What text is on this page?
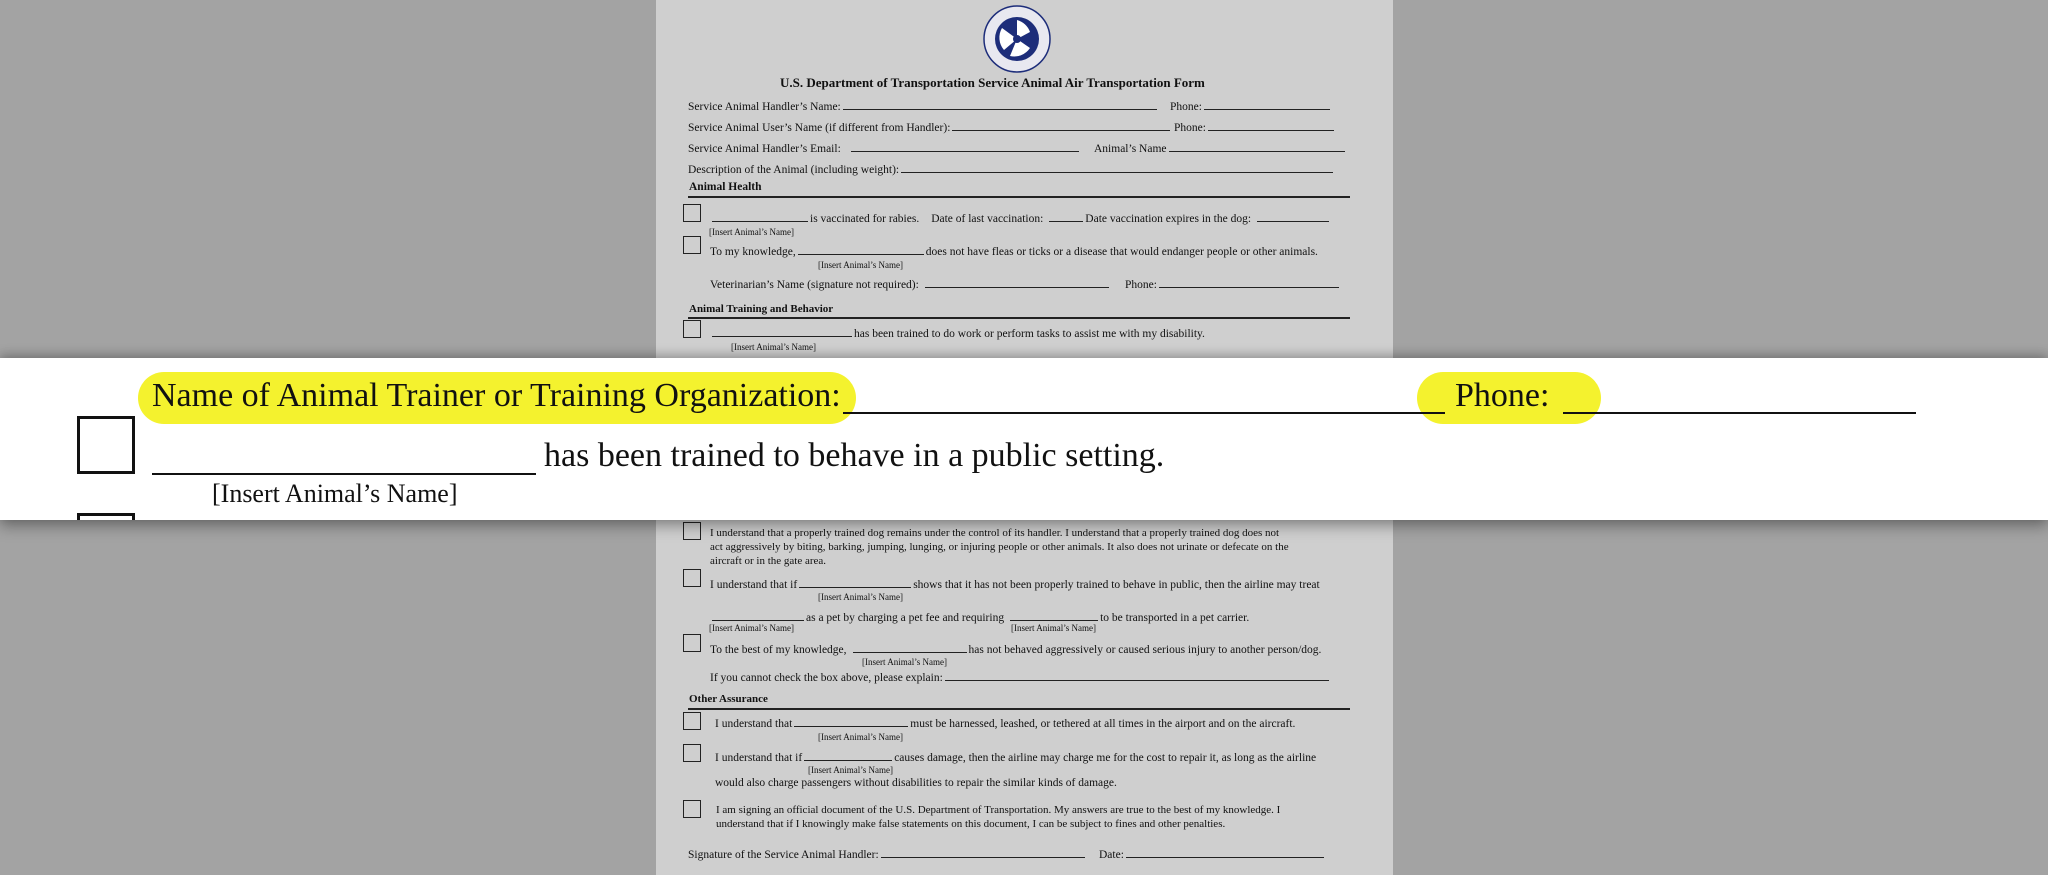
U.S. Department of Transportation Service Animal Air Transportation Form
Service Animal Handler’s Name:	Phone:
Service Animal User’s Name (if different from Handler):	Phone:
Service Animal Handler’s Email:	Animal’s Name
Description of the Animal (including weight):
Animal Health
is vaccinated for rabies. Date of last vaccination:	Date vaccination expires in the dog:
[Insert Animal’s Name]
To my knowledge,	does not have fleas or ticks or a disease that would endanger people or other animals.
[Insert Animal’s Name]
Veterinarian’s Name (signature not required):	Phone:
Animal Training and Behavior
has been trained to do work or perform tasks to assist me with my disability.
[Insert Animal’s Name]
I understand that a properly trained dog remains under the control of its handler. I understand that a properly trained dog does not
act aggressively by biting, barking, jumping, lunging, or injuring people or other animals. It also does not urinate or defecate on the
aircraft or in the gate area.
I understand that if	shows that it has not been properly trained to behave in public, then the airline may treat
[Insert Animal’s Name]
as a pet by charging a pet fee and requiring	to be transported in a pet carrier.
[Insert Animal’s Name]	[Insert Animal’s Name]
To the best of my knowledge,	has not behaved aggressively or caused serious injury to another person/dog.
[Insert Animal’s Name]
If you cannot check the box above, please explain:
Other Assurance
I understand that	must be harnessed, leashed, or tethered at all times in the airport and on the aircraft.
[Insert Animal’s Name]
I understand that if	causes damage, then the airline may charge me for the cost to repair it, as long as the airline
[Insert Animal’s Name]
would also charge passengers without disabilities to repair the similar kinds of damage.
I am signing an official document of the U.S. Department of Transportation. My answers are true to the best of my knowledge. I
understand that if I knowingly make false statements on this document, I can be subject to fines and other penalties.
Signature of the Service Animal Handler:	Date:
Name of Animal Trainer or Training Organization:	Phone:
has been trained to behave in a public setting.
[Insert Animal’s Name]
